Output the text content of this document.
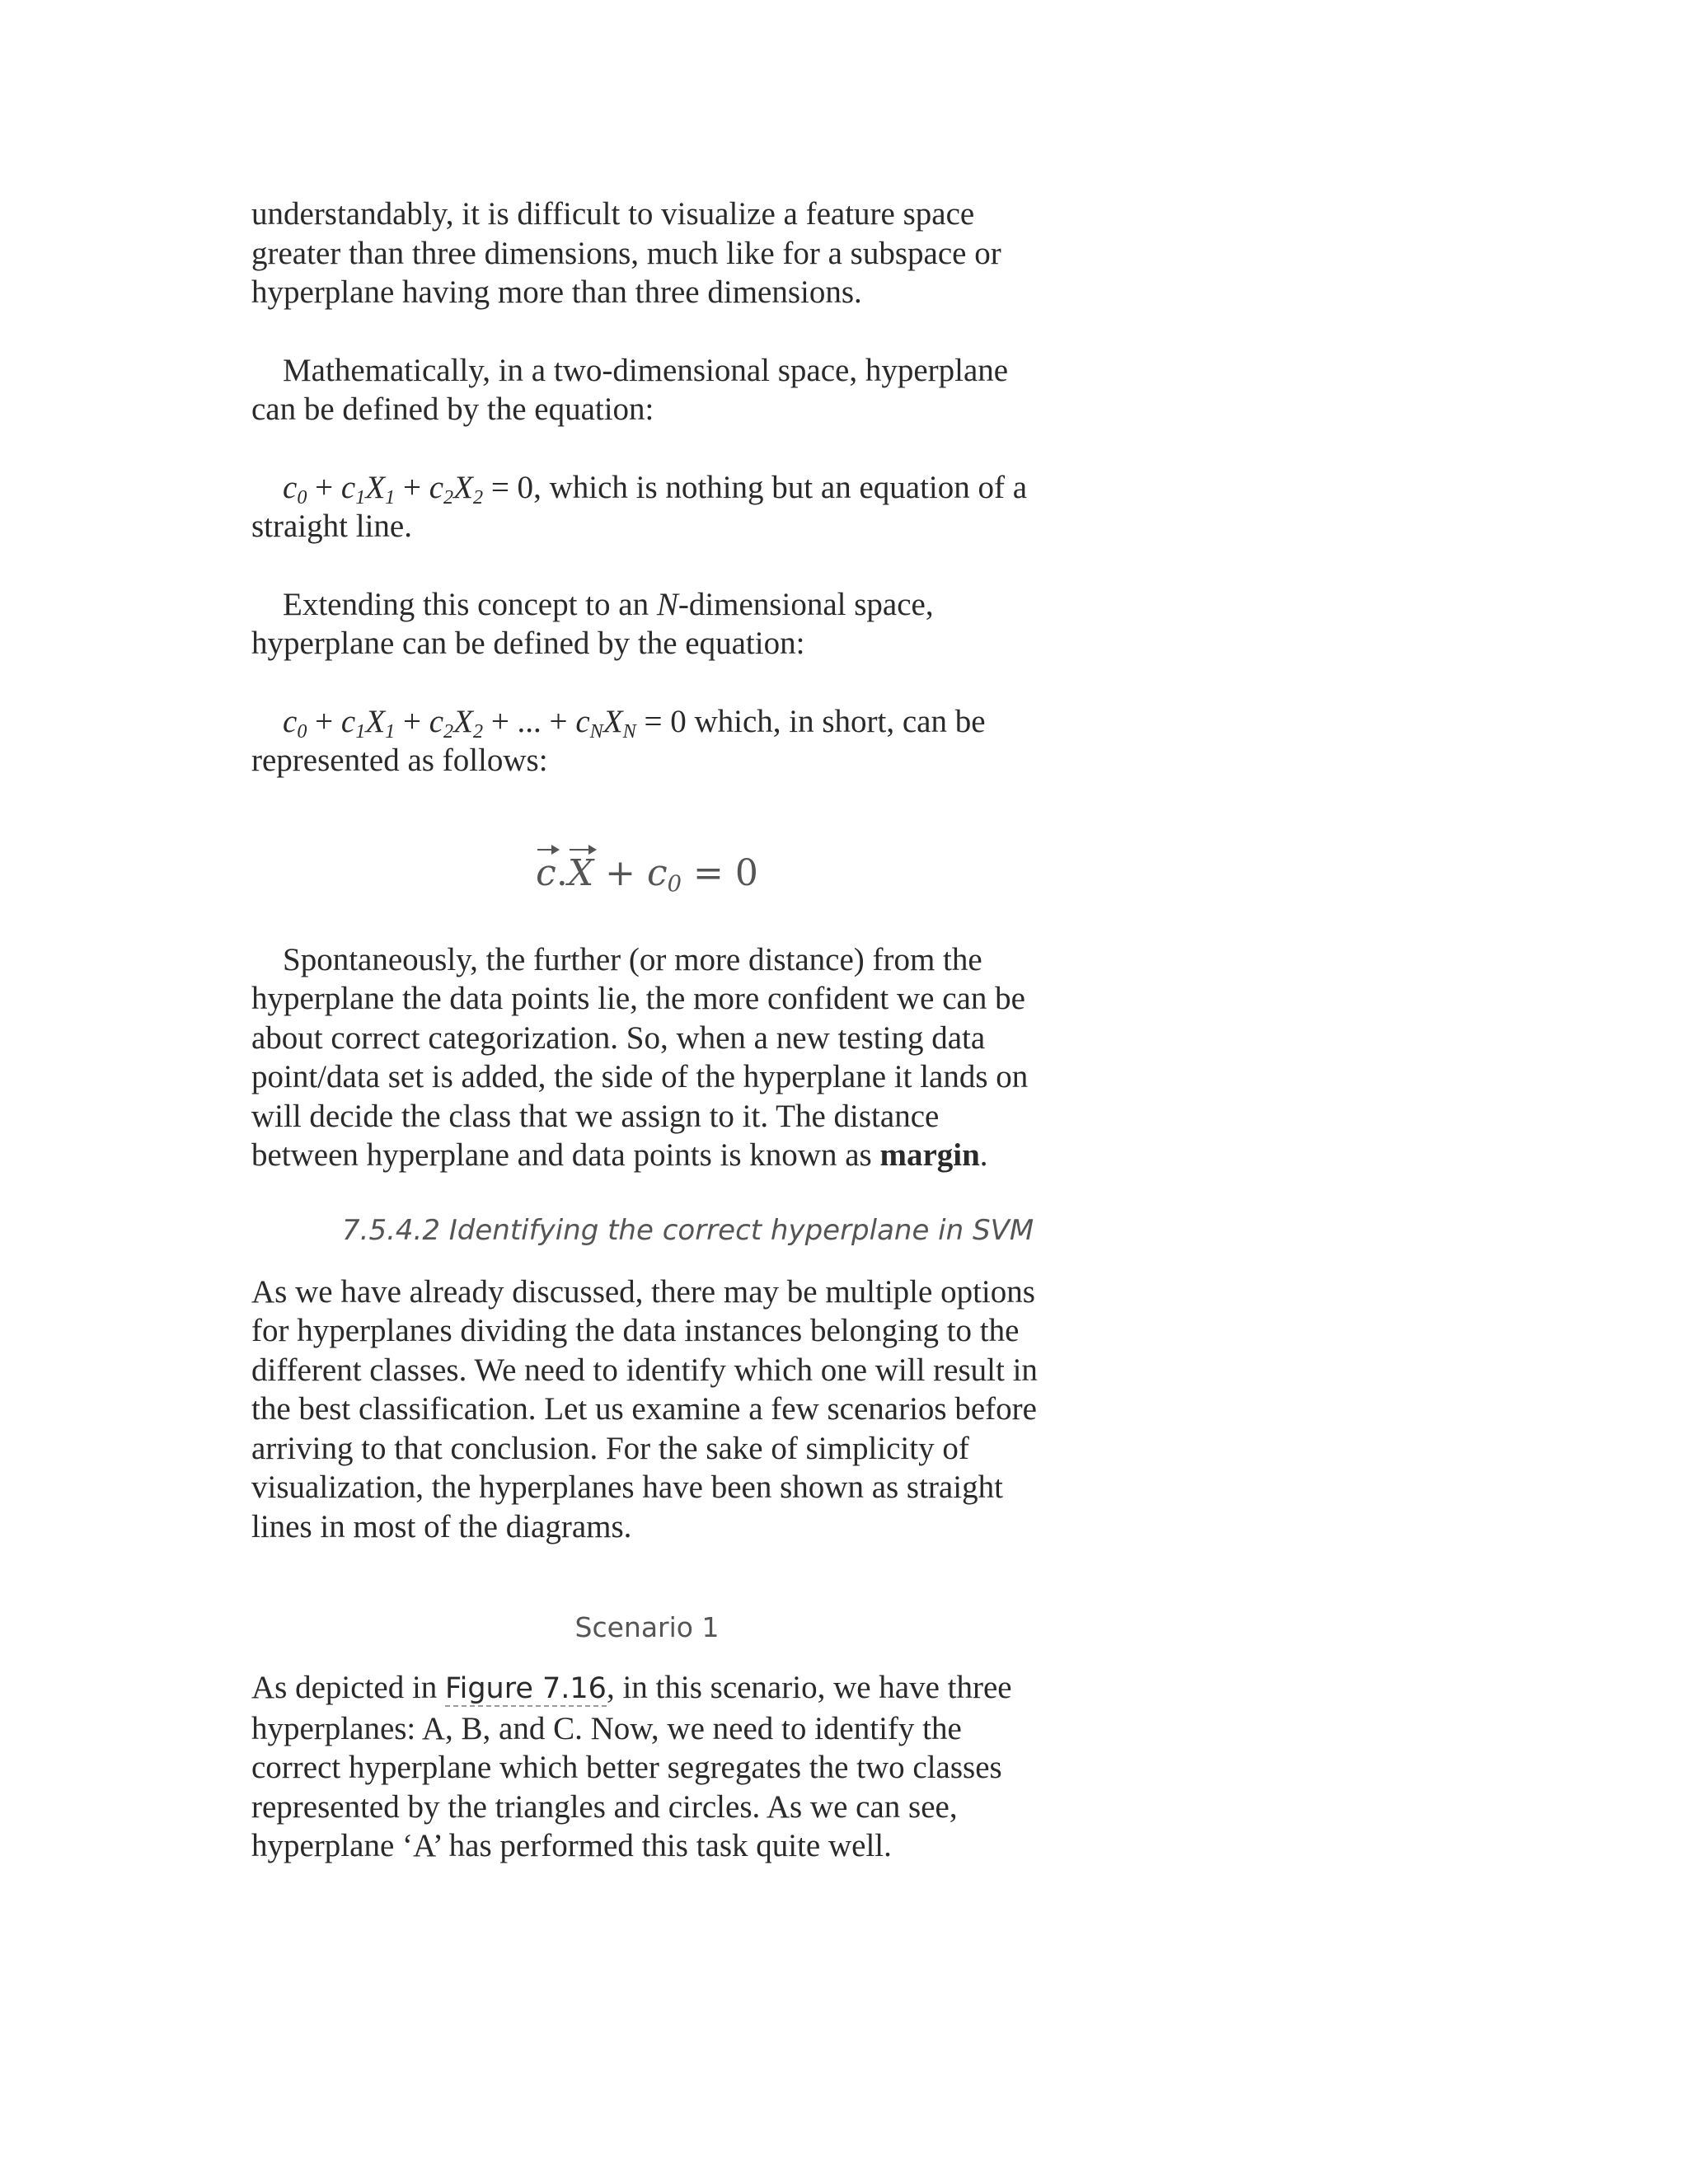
understandably, it is difficult to visualize a feature space greater than three dimensions, much like for a subspace or hyperplane having more than three dimensions.

Mathematically, in a two-dimensional space, hyperplane can be defined by the equation:

$c_0 + c_1X_1 + c_2X_2 = 0$, which is nothing but an equation of a straight line.

Extending this concept to an N-dimensional space, hyperplane can be defined by the equation:

$c_0 + c_1X_1 + c_2X_2$ + ... + $c_NX_N = 0$ which, in short, can be represented as follows:

c . $X + c_0 = 0$

Spontaneously, the further (or more distance) from the hyperplane the data points lie, the more confident we can be about correct categorization. So, when a new testing data point/data set is added, the side of the hyperplane it lands on will decide the class that we assign to it. The distance between hyperplane and data points is known as margin.

7.5.4.2 Identifying the correct hyperplane in SVM

As we have already discussed, there may be multiple options for hyperplanes dividing the data instances belonging to the different classes. We need to identify which one will result in the best classification. Let us examine a few scenarios before arriving to that conclusion. For the sake of simplicity of visualization, the hyperplanes have been shown as straight lines in most of the diagrams.

Scenario 1

As depicted in Figure 7.16, in this scenario, we have three hyperplanes: A, B, and C. Now, we need to identify the correct hyperplane which better segregates the two classes represented by the triangles and circles. As we can see, hyperplane ‘A’ has performed this task quite well.
